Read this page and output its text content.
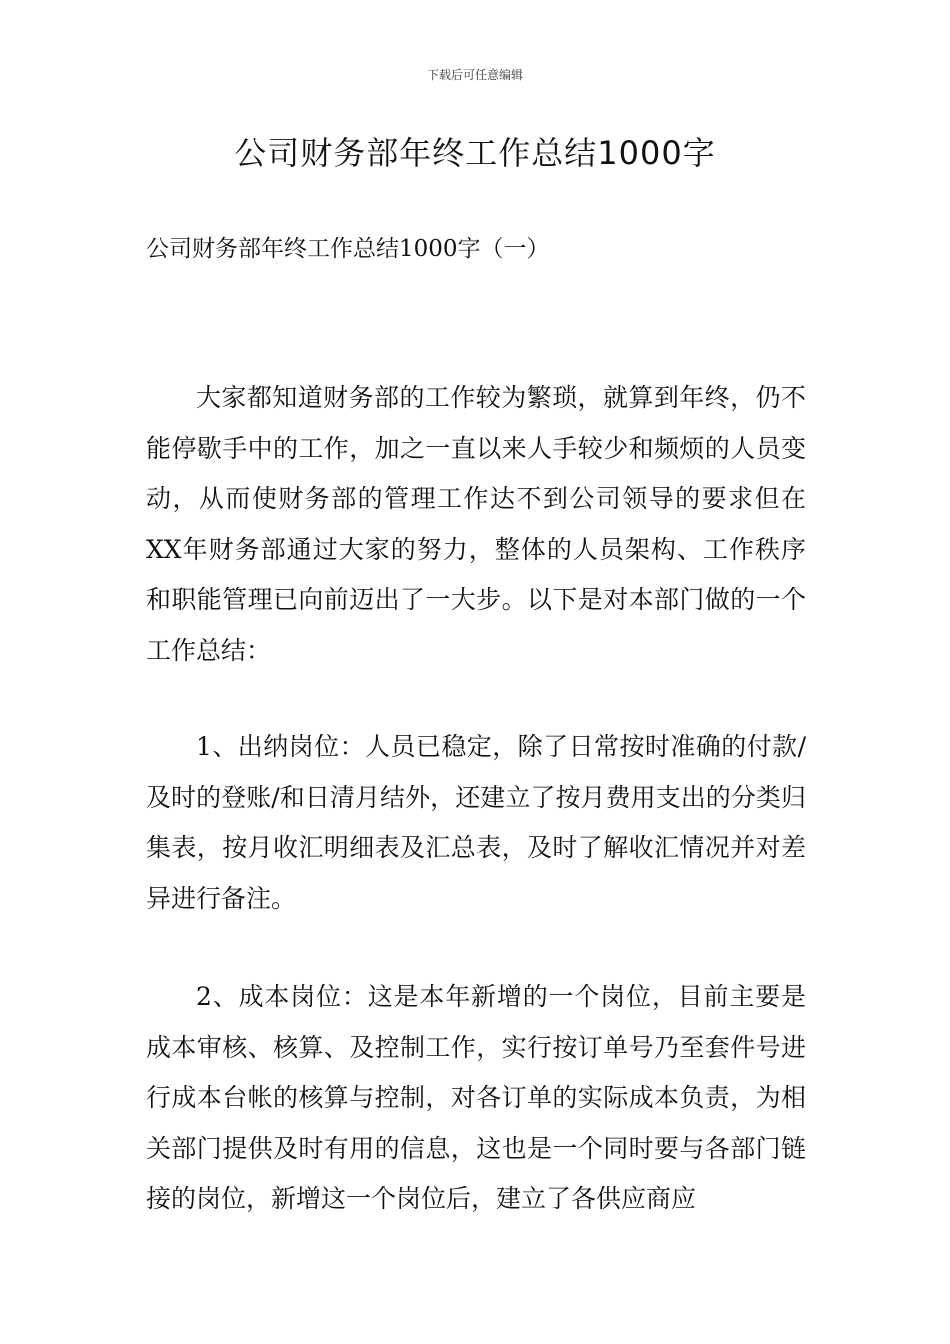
下载后可任意编辑
公司财务部年终工作总结1000字

公司财务部年终工作总结1000字（一）

大家都知道财务部的工作较为繁琐，就算到年终，仍不能停歇手中的工作，加之一直以来人手较少和频烦的人员变动，从而使财务部的管理工作达不到公司领导的要求但在XX年财务部通过大家的努力，整体的人员架构、工作秩序和职能管理已向前迈出了一大步。以下是对本部门做的一个工作总结：

1、出纳岗位：人员已稳定，除了日常按时准确的付款/及时的登账/和日清月结外，还建立了按月费用支出的分类归集表，按月收汇明细表及汇总表，及时了解收汇情况并对差异进行备注。

2、成本岗位：这是本年新增的一个岗位，目前主要是成本审核、核算、及控制工作，实行按订单号乃至套件号进行成本台帐的核算与控制，对各订单的实际成本负责，为相关部门提供及时有用的信息，这也是一个同时要与各部门链接的岗位，新增这一个岗位后，建立了各供应商应
